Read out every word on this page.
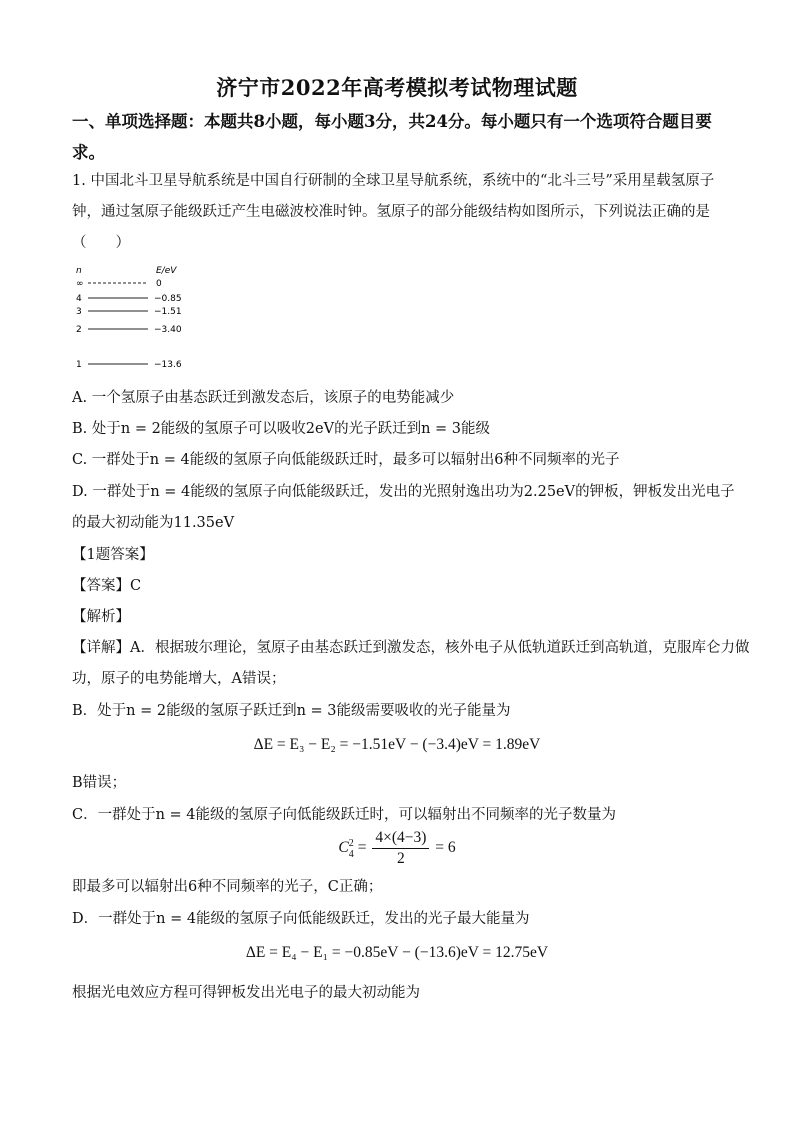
济宁市2022年高考模拟考试物理试题
一、单项选择题：本题共8小题，每小题3分，共24分。每小题只有一个选项符合题目要求。
1. 中国北斗卫星导航系统是中国自行研制的全球卫星导航系统，系统中的“北斗三号”采用星载氢原子
钟，通过氢原子能级跃迁产生电磁波校准时钟。氢原子的部分能级结构如图所示，下列说法正确的是
（　　）
n	E/eV
∞	0
4	−0.85
3	−1.51
2	−3.40
1	−13.6
A. 一个氢原子由基态跃迁到激发态后，该原子的电势能减少
B. 处于n = 2能级的氢原子可以吸收2eV的光子跃迁到n = 3能级
C. 一群处于n = 4能级的氢原子向低能级跃迁时，最多可以辐射出6种不同频率的光子
D. 一群处于n = 4能级的氢原子向低能级跃迁，发出的光照射逸出功为2.25eV的钾板，钾板发出光电子
的最大初动能为11.35eV
【1题答案】
【答案】C
【解析】
【详解】A．根据玻尔理论，氢原子由基态跃迁到激发态，核外电子从低轨道跃迁到高轨道，克服库仑力做
功，原子的电势能增大，A错误；
B．处于n = 2能级的氢原子跃迁到n = 3能级需要吸收的光子能量为
ΔE = E₃ − E₂ = −1.51eV − (−3.4)eV = 1.89eV
B错误；
C．一群处于n = 4能级的氢原子向低能级跃迁时，可以辐射出不同频率的光子数量为
C2
$4 = \frac{4\times(4-3)}{2} = 6$
即最多可以辐射出6种不同频率的光子，C正确；
D．一群处于n = 4能级的氢原子向低能级跃迁，发出的光子最大能量为
ΔE = E₄ − E₁ = −0.85eV − (−13.6)eV = 12.75eV
根据光电效应方程可得钾板发出光电子的最大初动能为
